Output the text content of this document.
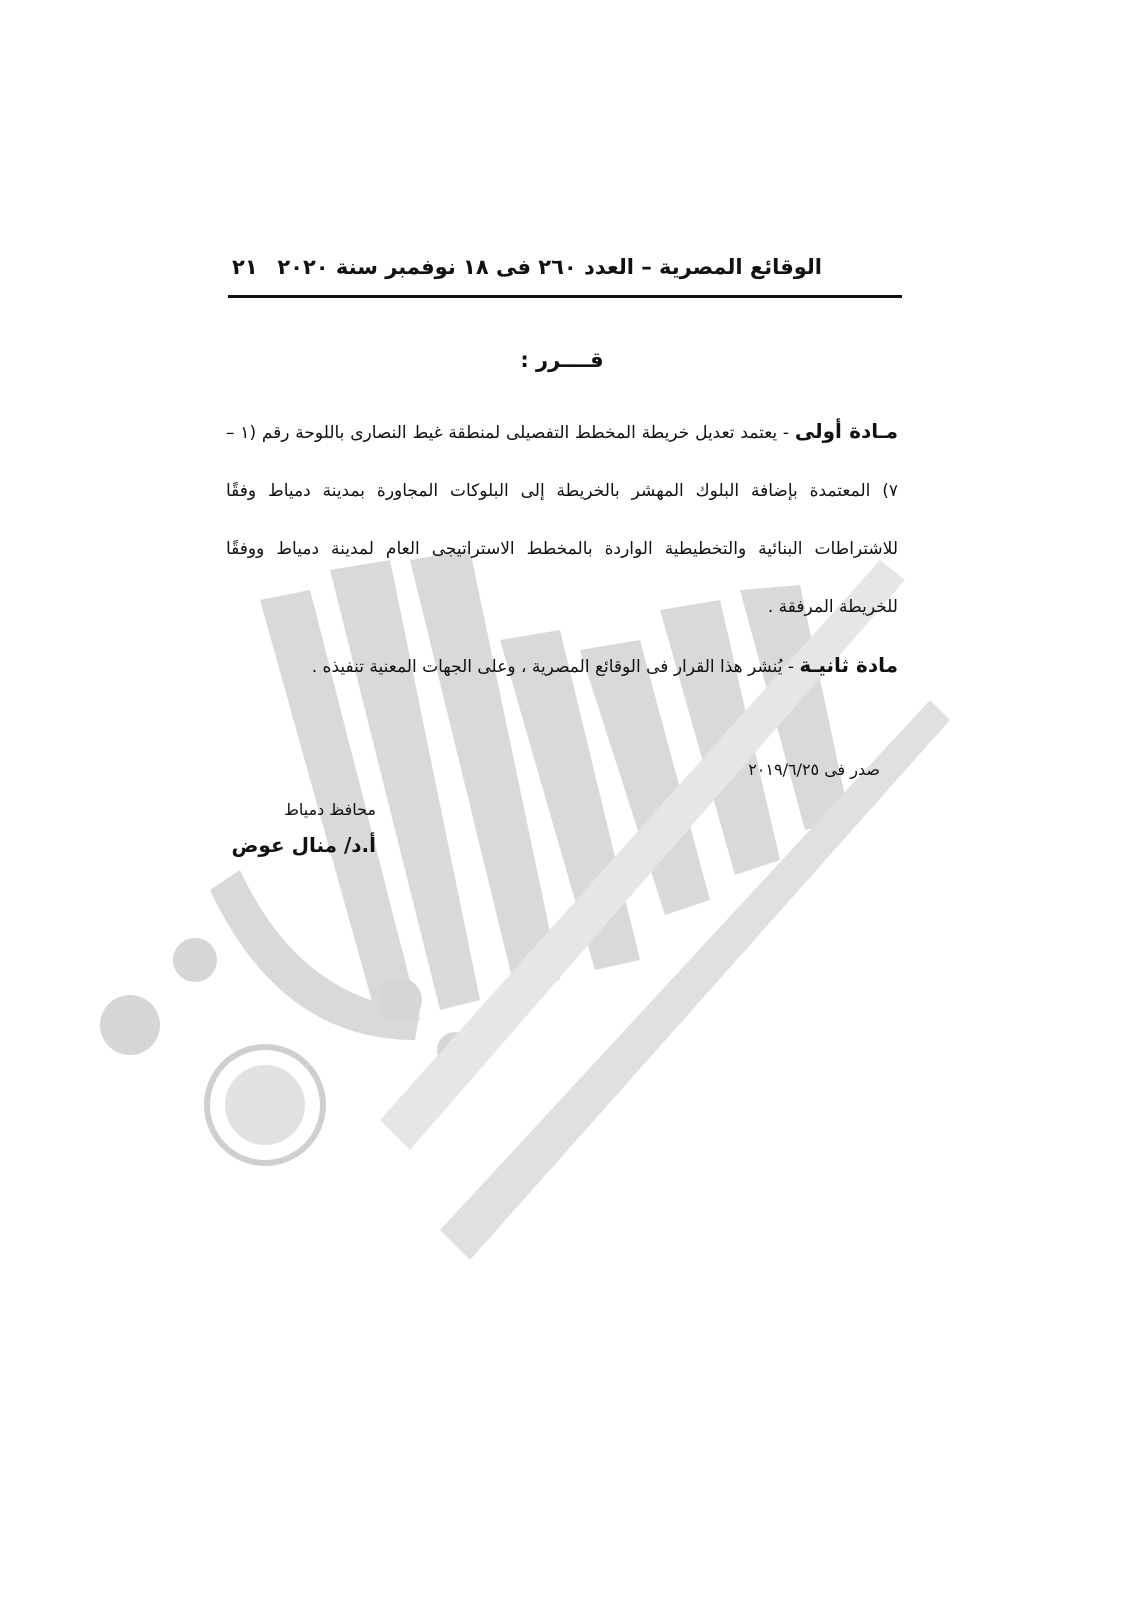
الوقائع المصرية – العدد ٢٦٠ فى ١٨ نوفمبر سنة ٢٠٢٠
٢١
قــــرر :

مـادة أولى - يعتمد تعديل خريطة المخطط التفصيلى لمنطقة غيط النصارى باللوحة رقم (١ – ٧) المعتمدة بإضافة البلوك المهشر بالخريطة إلى البلوكات المجاورة بمدينة دمياط وفقًا للاشتراطات البنائية والتخطيطية الواردة بالمخطط الاستراتيجى العام لمدينة دمياط ووفقًا للخريطة المرفقة .

مادة ثانيـة - يُنشر هذا القرار فى الوقائع المصرية ، وعلى الجهات المعنية تنفيذه .

صدر فى ٢٠١٩/٦/٢٥
محافظ دمياط
أ.د/ منال عوض
